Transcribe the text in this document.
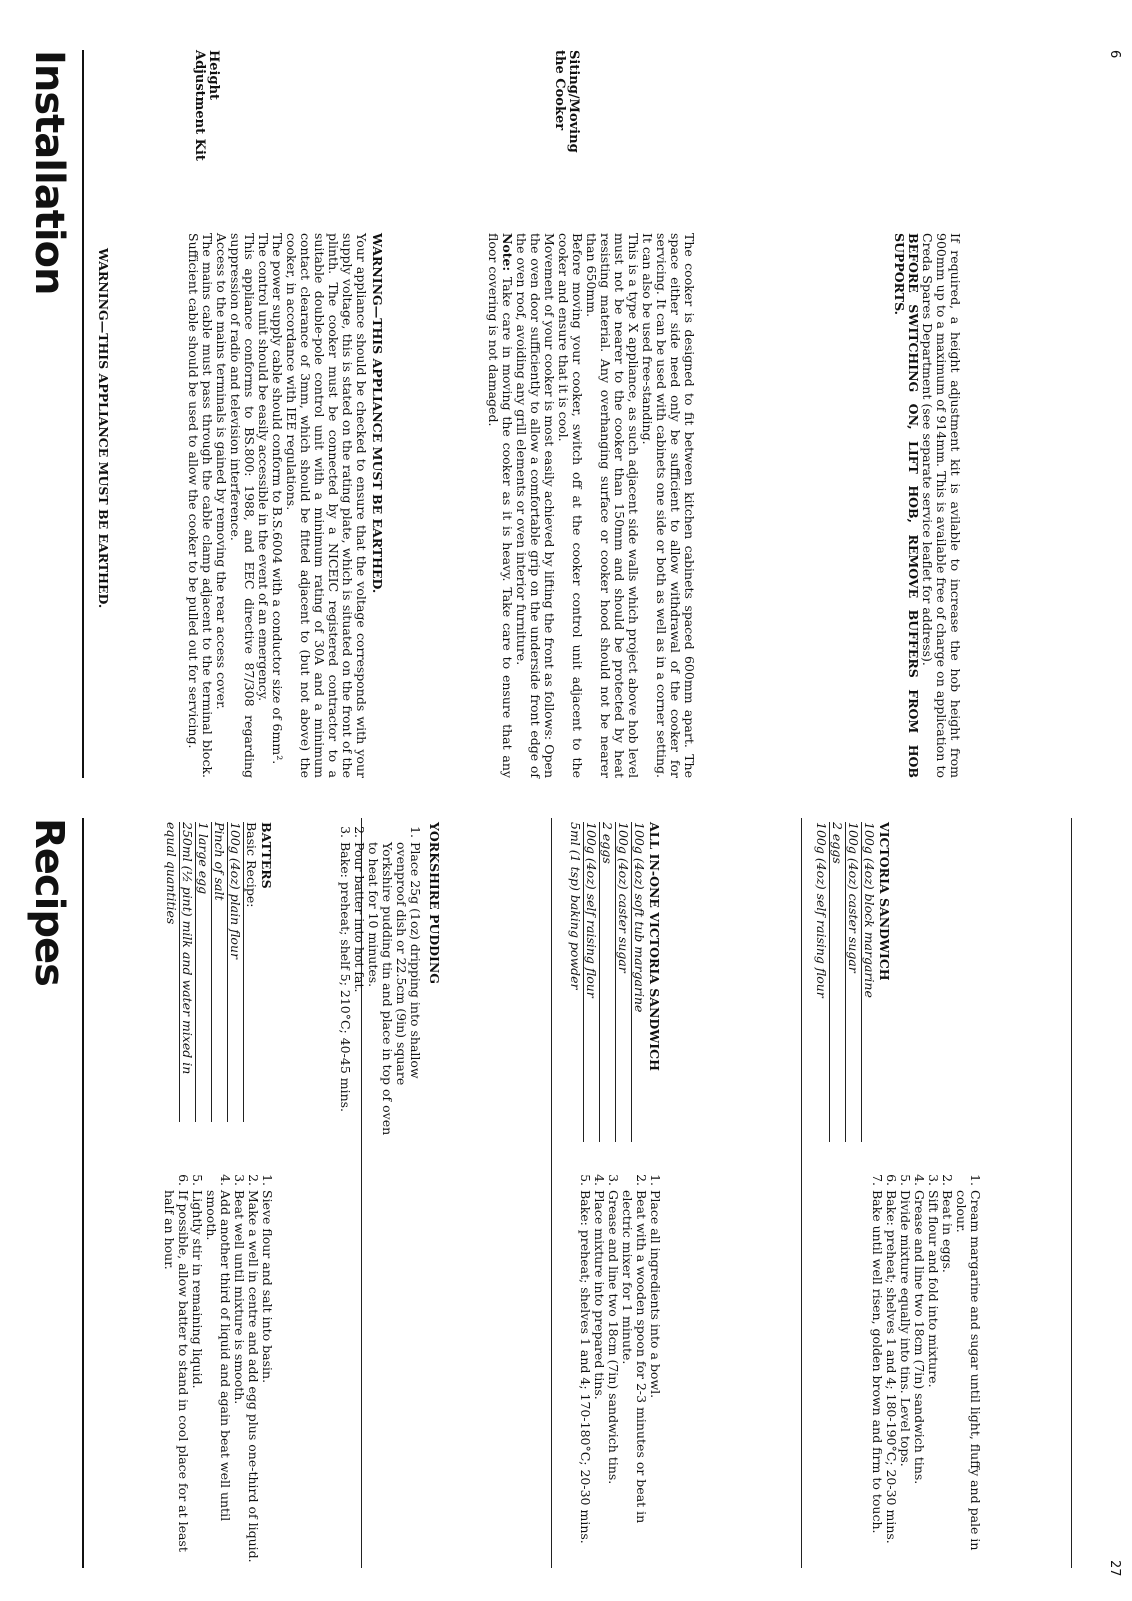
Installation

WARNING—THIS APPLIANCE MUST BE EARTHED.	WARNING—THIS APPLIANCE MUST BE EARTHED.

Your appliance should be checked to ensure that the voltage corresponds with your supply voltage, this is stated on the rating plate, which is situated on the front of the plinth. The cooker must be connected by a NICEIC registered contractor to a suitable double-pole control unit with a minimum rating of 30A and a minimum contact clearance of 3mm, which should be fitted adjacent to (but not above) the cooker, in accordance with IEE regulations.

The power supply cable should conform to B.S.6004 with a conductor size of 6mm².

The control unit should be easily accessible in the event of an emergency.

This appliance conforms to BS.800: 1988, and EEC directive 87/308 regarding suppression of radio and television interference.

Access to the mains terminals is gained by removing the rear access cover.

The mains cable must pass through the cable clamp adjacent to the terminal block. Sufficient cable should be used to allow the cooker to be pulled out for servicing.

Siting/Moving
the Cooker

The cooker is designed to fit between kitchen cabinets spaced 600mm apart. The space either side need only be sufficient to allow withdrawal of the cooker for servicing. It can be used with cabinets one side or both as well as in a corner setting. It can also be used free-standing.

This is a type X appliance, as such adjacent side walls which project above hob level must not be nearer to the cooker than 150mm and should be protected by heat resisting material. Any overhanging surface or cooker hood should not be nearer than 650mm.

Before moving your cooker, switch off at the cooker control unit adjacent to the cooker and ensure that it is cool.

Movement of your cooker is most easily achieved by lifting the front as follows: Open the oven door sufficiently to allow a comfortable grip on the underside front edge of the oven roof, avoiding any grill elements or oven interior furniture.

Note: Take care in moving the cooker as it is heavy. Take care to ensure that any floor covering is not damaged.

Height
Adjustment Kit

If required, a height adjustment kit is avilable to increase the hob height from 900mm up to a maximum of 914mm. This is available free of charge on application to Creda Spares Department (see separate service leaflet for address).

BEFORE SWITCHING ON, LIFT HOB, REMOVE BUFFERS FROM HOB SUPPORTS.

6
Recipes	BATTERS
Basic Recipe:
100g (4oz) plain flour
Pinch of salt
1 large egg
250ml (½ pint) milk and water mixed in
equal quantities
1. Sieve flour and salt into basin.
2. Make a well in centre and add egg plus one-third of liquid.
3. Beat well until mixture is smooth.
4. Add another third of liquid and again beat well until smooth.
5. Lightly stir in remaining liquid.
6. If possible, allow batter to stand in cool place for at least half an hour.
YORKSHIRE PUDDING
1. Place 25g (1oz) dripping into shallow ovenproof dish or 22.5cm (9in) square Yorkshire pudding tin and place in top of oven to heat for 10 minutes.
2. Pour batter into hot fat.
3. Bake: preheat; shelf 5; 210°C; 40-45 mins.	ALL IN-ONE VICTORIA SANDWICH
100g (4oz) soft tub margarine
100g (4oz) caster sugar
2 eggs
100g (4oz) self raising flour
5ml (1 tsp) baking powder
1. Place all ingredients into a bowl.
2. Beat with a wooden spoon for 2-3 minutes or beat in electric mixer for 1 minute.
3. Grease and line two 18cm (7in) sandwich tins.
4. Place mixture into prepared tins.
5. Bake: preheat; shelves 1 and 4; 170-180°C; 20-30 mins.
VICTORIA SANDWICH
100g (4oz) block margarine
100g (4oz) caster sugar
2 eggs
100g (4oz) self raising flour
1. Cream margarine and sugar until light, fluffy and pale in colour.
2. Beat in eggs.
3. Sift flour and fold into mixture.
4. Grease and line two 18cm (7in) sandwich tins.
5. Divide mixture equally into tins. Level tops.
6. Bake: preheat; shelves 1 and 4; 180-190°C; 20-30 mins.
7. Bake until well risen, golden brown and firm to touch.
27
